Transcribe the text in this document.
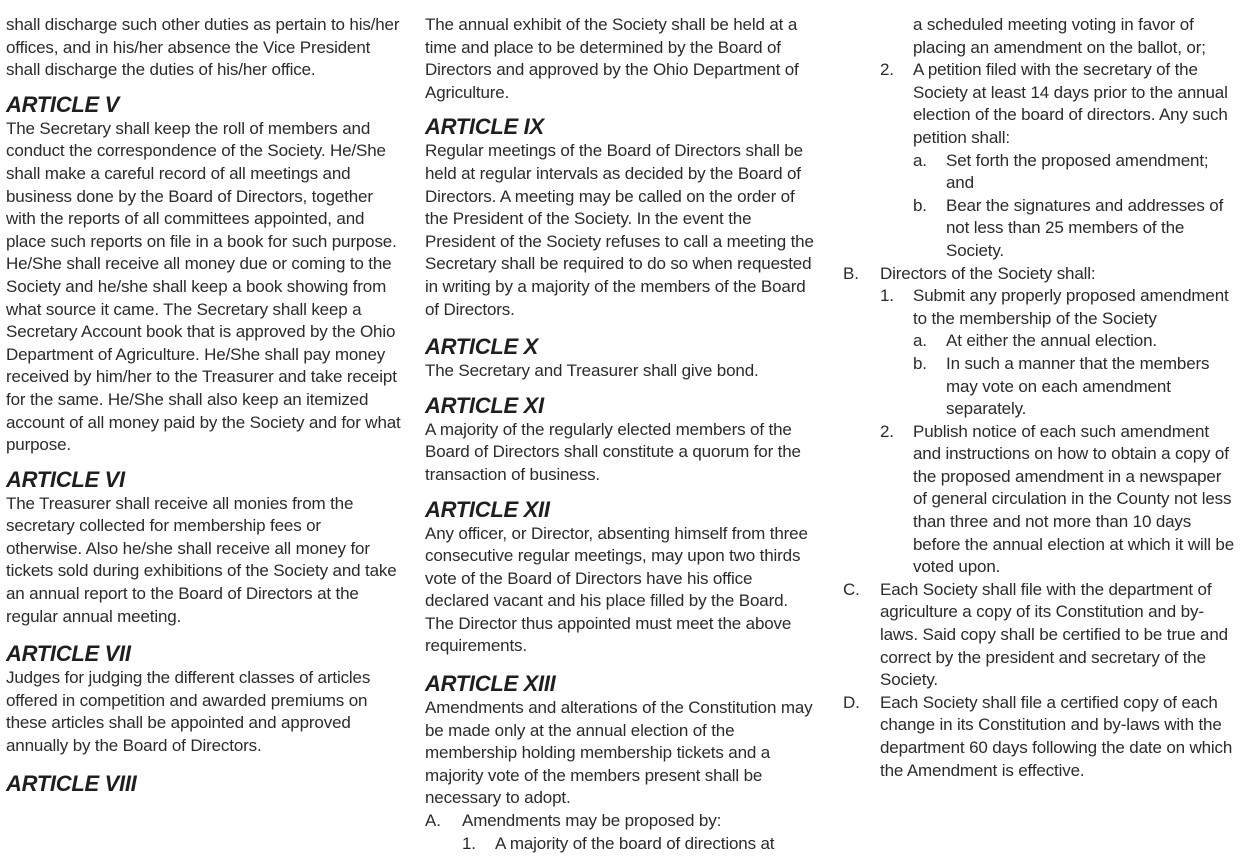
shall discharge such other duties as pertain to his/her offices, and in his/her absence the Vice President shall discharge the duties of his/her office.

ARTICLE V

The Secretary shall keep the roll of members and conduct the correspondence of the Society. He/She shall make a careful record of all meetings and business done by the Board of Directors, together with the reports of all committees appointed, and place such reports on file in a book for such purpose.

He/She shall receive all money due or coming to the Society and he/she shall keep a book showing from what source it came. The Secretary shall keep a Secretary Account book that is approved by the Ohio Department of Agriculture. He/She shall pay money received by him/her to the Treasurer and take receipt for the same. He/She shall also keep an itemized account of all money paid by the Society and for what purpose.

ARTICLE VI

The Treasurer shall receive all monies from the secretary collected for membership fees or otherwise. Also he/she shall receive all money for tickets sold during exhibitions of the Society and take an annual report to the Board of Directors at the regular annual meeting.

ARTICLE VII

Judges for judging the different classes of articles offered in competition and awarded premiums on these articles shall be appointed and approved annually by the Board of Directors.

ARTICLE VIII

The annual exhibit of the Society shall be held at a time and place to be determined by the Board of Directors and approved by the Ohio Department of Agriculture.

ARTICLE IX

Regular meetings of the Board of Directors shall be held at regular intervals as decided by the Board of Directors. A meeting may be called on the order of the President of the Society. In the event the President of the Society refuses to call a meeting the Secretary shall be required to do so when requested in writing by a majority of the members of the Board of Directors.

ARTICLE X

The Secretary and Treasurer shall give bond.

ARTICLE XI

A majority of the regularly elected members of the Board of Directors shall constitute a quorum for the transaction of business.

ARTICLE XII

Any officer, or Director, absenting himself from three consecutive regular meetings, may upon two thirds vote of the Board of Directors have his office declared vacant and his place filled by the Board. The Director thus appointed must meet the above requirements.

ARTICLE XIII

Amendments and alterations of the Constitution may be made only at the annual election of the membership holding membership tickets and a majority vote of the members present shall be necessary to adopt.

A.	Amendments may be proposed by:
1.	A majority of the board of directions at
a scheduled meeting voting in favor of placing an amendment on the ballot, or;
2.	A petition filed with the secretary of the Society at least 14 days prior to the annual election of the board of directors. Any such petition shall:
a.	Set forth the proposed amendment; and
b.	Bear the signatures and addresses of not less than 25 members of the Society.
B.	Directors of the Society shall:
1.	Submit any properly proposed amendment to the membership of the Society
a.	At either the annual election.
b.	In such a manner that the members may vote on each amendment separately.
2.	Publish notice of each such amendment and instructions on how to obtain a copy of the proposed amendment in a newspaper of general circulation in the County not less than three and not more than 10 days before the annual election at which it will be voted upon.
C.	Each Society shall file with the department of agriculture a copy of its Constitution and by-laws. Said copy shall be certified to be true and correct by the president and secretary of the Society.
D.	Each Society shall file a certified copy of each change in its Constitution and by-laws with the department 60 days following the date on which the Amendment is effective.
